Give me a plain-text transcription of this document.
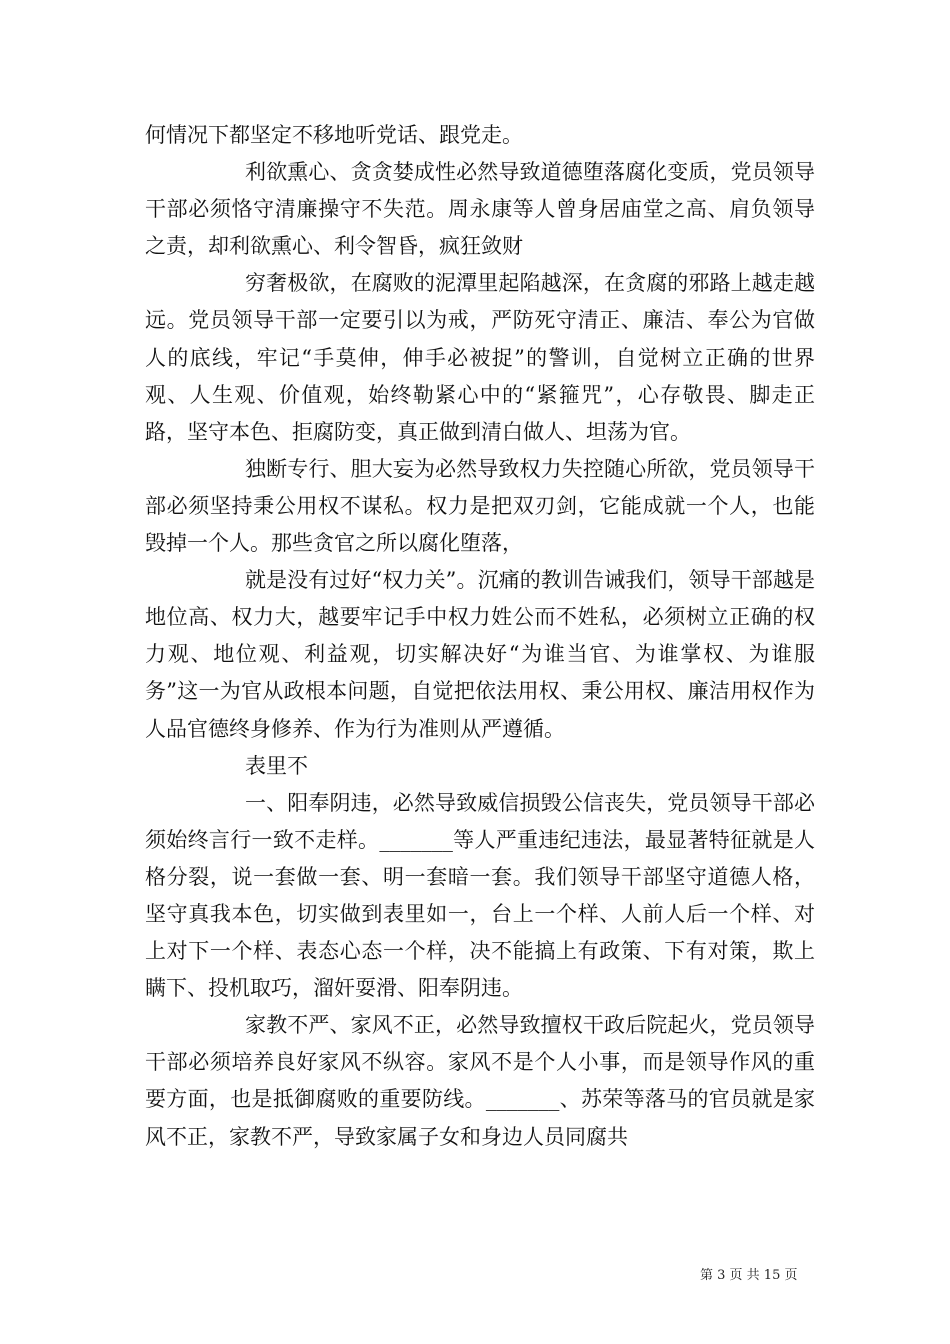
何情况下都坚定不移地听党话、跟党走。

利欲熏心、贪贪婪成性必然导致道德堕落腐化变质，党员领导干部必须恪守清廉操守不失范。周永康等人曾身居庙堂之高、肩负领导之责，却利欲熏心、利令智昏，疯狂敛财

穷奢极欲，在腐败的泥潭里起陷越深，在贪腐的邪路上越走越远。党员领导干部一定要引以为戒，严防死守清正、廉洁、奉公为官做人的底线，牢记“手莫伸，伸手必被捉”的警训，自觉树立正确的世界观、人生观、价值观，始终勒紧心中的“紧箍咒”，心存敬畏、脚走正路，坚守本色、拒腐防变，真正做到清白做人、坦荡为官。

独断专行、胆大妄为必然导致权力失控随心所欲，党员领导干部必须坚持秉公用权不谋私。权力是把双刃剑，它能成就一个人，也能毁掉一个人。那些贪官之所以腐化堕落，

就是没有过好“权力关”。沉痛的教训告诫我们，领导干部越是地位高、权力大，越要牢记手中权力姓公而不姓私，必须树立正确的权力观、地位观、利益观，切实解决好“为谁当官、为谁掌权、为谁服务”这一为官从政根本问题，自觉把依法用权、秉公用权、廉洁用权作为人品官德终身修养、作为行为准则从严遵循。

表里不

一、阳奉阴违，必然导致威信损毁公信丧失，党员领导干部必须始终言行一致不走样。_______等人严重违纪违法，最显著特征就是人格分裂，说一套做一套、明一套暗一套。我们领导干部坚守道德人格，坚守真我本色，切实做到表里如一，台上一个样、人前人后一个样、对上对下一个样、表态心态一个样，决不能搞上有政策、下有对策，欺上瞒下、投机取巧，溜奸耍滑、阳奉阴违。

家教不严、家风不正，必然导致擅权干政后院起火，党员领导干部必须培养良好家风不纵容。家风不是个人小事，而是领导作风的重要方面，也是抵御腐败的重要防线。_______、苏荣等落马的官员就是家风不正，家教不严，导致家属子女和身边人员同腐共

第 3 页 共 15 页
